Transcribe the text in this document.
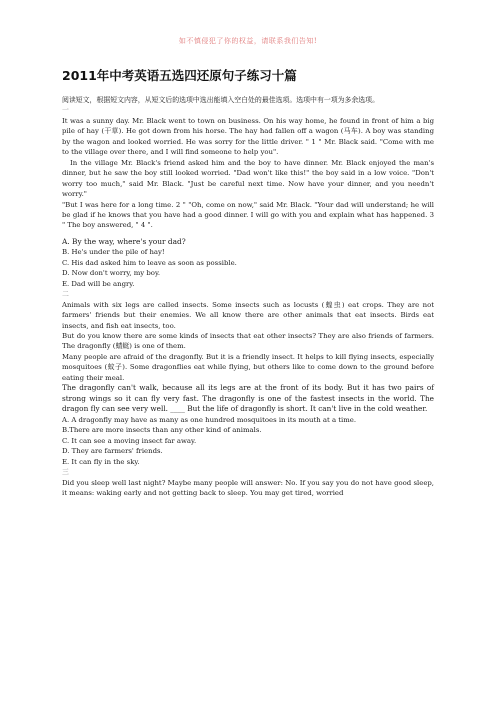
如不慎侵犯了你的权益，请联系我们告知!
2011年中考英语五选四还原句子练习十篇

阅读短文，根据短文内容，从短文后的选项中选出能填入空白处的最佳选项。选项中有一项为多余选项。

一

It was a sunny day. Mr. Black went to town on business. On his way home, he found in front of him a big pile of hay (干草). He got down from his horse. The hay had fallen off a wagon (马车). A boy was standing by the wagon and looked worried. He was sorry for the little driver. " 1 " Mr. Black said. "Come with me to the village over there, and I will find someone to help you".

In the village Mr. Black's friend asked him and the boy to have dinner. Mr. Black enjoyed the man's dinner, but he saw the boy still looked worried. "Dad won't like this!" the boy said in a low voice. "Don't worry too much," said Mr. Black. "Just be careful next time. Now have your dinner, and you needn't worry."

"But I was here for a long time. 2 " "Oh, come on now," said Mr. Black. "Your dad will understand; he will be glad if he knows that you have had a good dinner. I will go with you and explain what has happened. 3 " The boy answered, " 4 ".

A. By the way, where's your dad?

B. He's under the pile of hay!

C. His dad asked him to leave as soon as possible.

D. Now don't worry, my boy.

E. Dad will be angry.

二

Animals with six legs are called insects. Some insects such as locusts (蝗虫) eat crops. They are not farmers' friends but their enemies. We all know there are other animals that eat insects. Birds eat insects, and fish eat insects, too.

But do you know there are some kinds of insects that eat other insects? They are also friends of farmers. The dragonfly (蜻蜓) is one of them.

Many people are afraid of the dragonfly. But it is a friendly insect. It helps to kill flying insects, especially mosquitoes (蚊子). Some dragonflies eat while flying, but others like to come down to the ground before eating their meal.

The dragonfly can't walk, because all its legs are at the front of its body. But it has two pairs of strong wings so it can fly very fast. The dragonfly is one of the fastest insects in the world. The dragon fly can see very well. ____ But the life of dragonfly is short. It can't live in the cold weather.

A. A dragonfly may have as many as one hundred mosquitoes in its mouth at a time.

B.There are more insects than any other kind of animals.

C. It can see a moving insect far away.

D. They are farmers' friends.

E. It can fly in the sky.

三

Did you sleep well last night? Maybe many people will answer: No. If you say you do not have good sleep, it means: waking early and not getting back to sleep. You may get tired, worried
